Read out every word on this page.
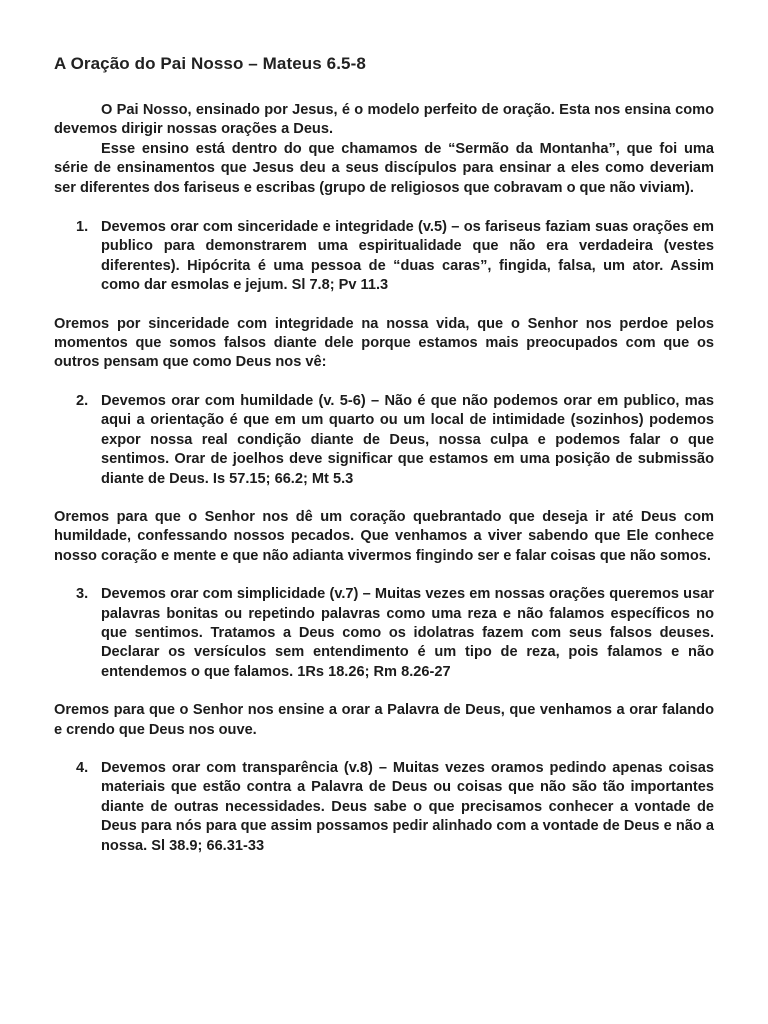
A Oração do Pai Nosso – Mateus 6.5-8

O Pai Nosso, ensinado por Jesus, é o modelo perfeito de oração. Esta nos ensina como devemos dirigir nossas orações a Deus.

Esse ensino está dentro do que chamamos de “Sermão da Montanha”, que foi uma série de ensinamentos que Jesus deu a seus discípulos para ensinar a eles como deveriam ser diferentes dos fariseus e escribas (grupo de religiosos que cobravam o que não viviam).

1. Devemos orar com sinceridade e integridade (v.5) – os fariseus faziam suas orações em publico para demonstrarem uma espiritualidade que não era verdadeira (vestes diferentes). Hipócrita é uma pessoa de “duas caras”, fingida, falsa, um ator. Assim como dar esmolas e jejum. Sl 7.8; Pv 11.3

Oremos por sinceridade com integridade na nossa vida, que o Senhor nos perdoe pelos momentos que somos falsos diante dele porque estamos mais preocupados com que os outros pensam que como Deus nos vê:

2. Devemos orar com humildade (v. 5-6) – Não é que não podemos orar em publico, mas aqui a orientação é que em um quarto ou um local de intimidade (sozinhos) podemos expor nossa real condição diante de Deus, nossa culpa e podemos falar o que sentimos. Orar de joelhos deve significar que estamos em uma posição de submissão diante de Deus. Is 57.15; 66.2; Mt 5.3

Oremos para que o Senhor nos dê um coração quebrantado que deseja ir até Deus com humildade, confessando nossos pecados. Que venhamos a viver sabendo que Ele conhece nosso coração e mente e que não adianta vivermos fingindo ser e falar coisas que não somos.

3. Devemos orar com simplicidade (v.7) – Muitas vezes em nossas orações queremos usar palavras bonitas ou repetindo palavras como uma reza e não falamos específicos no que sentimos. Tratamos a Deus como os idolatras fazem com seus falsos deuses. Declarar os versículos sem entendimento é um tipo de reza, pois falamos e não entendemos o que falamos. 1Rs 18.26; Rm 8.26-27

Oremos para que o Senhor nos ensine a orar a Palavra de Deus, que venhamos a orar falando e crendo que Deus nos ouve.

4. Devemos orar com transparência (v.8) – Muitas vezes oramos pedindo apenas coisas materiais que estão contra a Palavra de Deus ou coisas que não são tão importantes diante de outras necessidades. Deus sabe o que precisamos conhecer a vontade de Deus para nós para que assim possamos pedir alinhado com a vontade de Deus e não a nossa. Sl 38.9; 66.31-33
